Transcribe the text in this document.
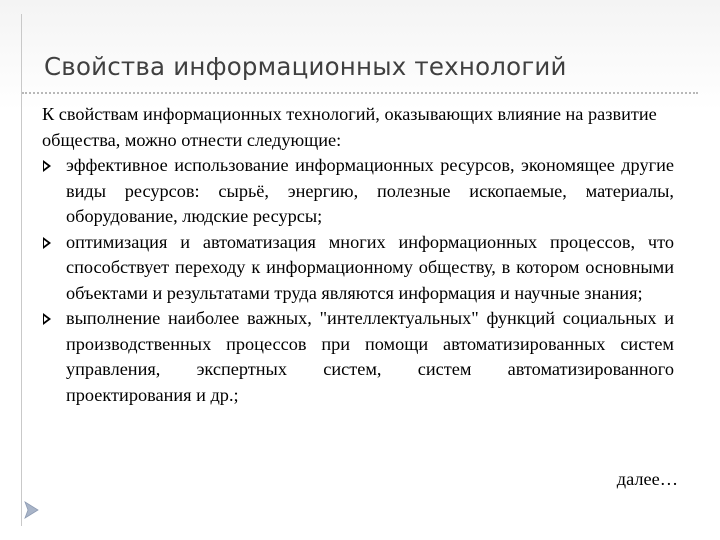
Свойства информационных технологий

К свойствам информационных технологий, оказывающих влияние на развитие общества, можно отнести следующие:

эффективное использование информационных ресурсов, экономящее другие виды ресурсов: сырьё, энергию, полезные ископаемые, материалы, оборудование, людские ресурсы;
оптимизация и автоматизация многих информационных процессов, что способствует переходу к информационному обществу, в котором основными объектами и результатами труда являются информация и научные знания;
выполнение наиболее важных, "интеллектуальных" функций социальных и производственных процессов при помощи автоматизированных систем управления, экспертных систем, систем автоматизированного проектирования и др.;
далее…
